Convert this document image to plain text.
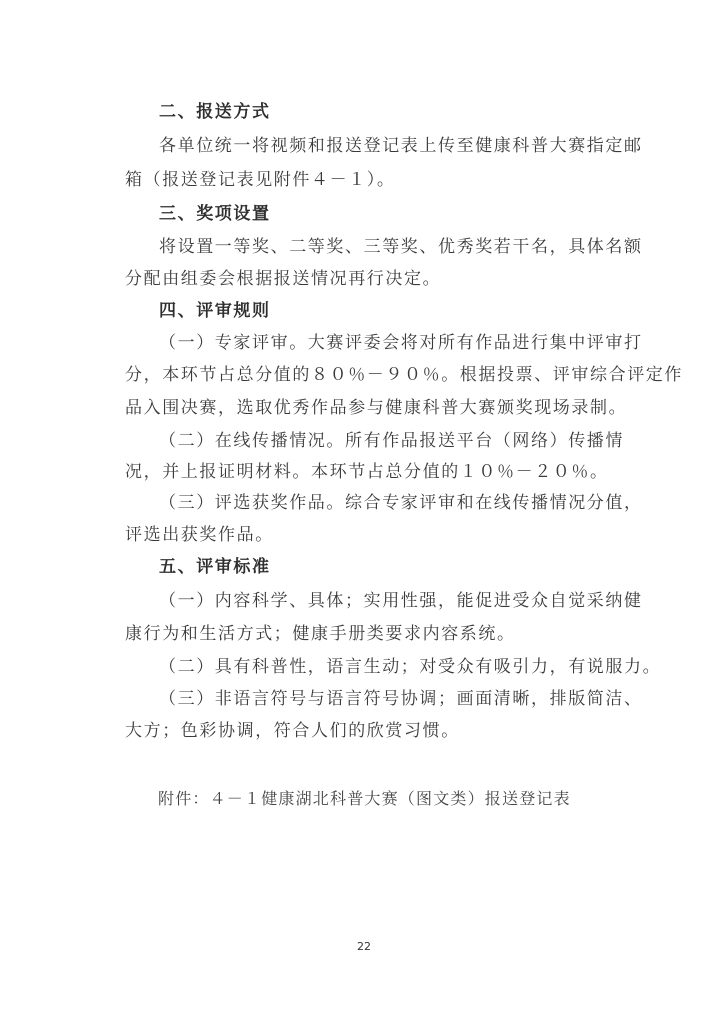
二、报送方式
各单位统一将视频和报送登记表上传至健康科普大赛指定邮
箱（报送登记表见附件４－１）。
三、奖项设置
将设置一等奖、二等奖、三等奖、优秀奖若干名，具体名额
分配由组委会根据报送情况再行决定。
四、评审规则
（一）专家评审。大赛评委会将对所有作品进行集中评审打
分，本环节占总分值的８０％－９０％。根据投票、评审综合评定作
品入围决赛，选取优秀作品参与健康科普大赛颁奖现场录制。
（二）在线传播情况。所有作品报送平台（网络）传播情
况，并上报证明材料。本环节占总分值的１０％－２０％。
（三）评选获奖作品。综合专家评审和在线传播情况分值，
评选出获奖作品。
五、评审标准
（一）内容科学、具体；实用性强，能促进受众自觉采纳健
康行为和生活方式；健康手册类要求内容系统。
（二）具有科普性，语言生动；对受众有吸引力，有说服力。
（三）非语言符号与语言符号协调；画面清晰，排版简洁、
大方；色彩协调，符合人们的欣赏习惯。
附件：４－１健康湖北科普大赛（图文类）报送登记表
22
